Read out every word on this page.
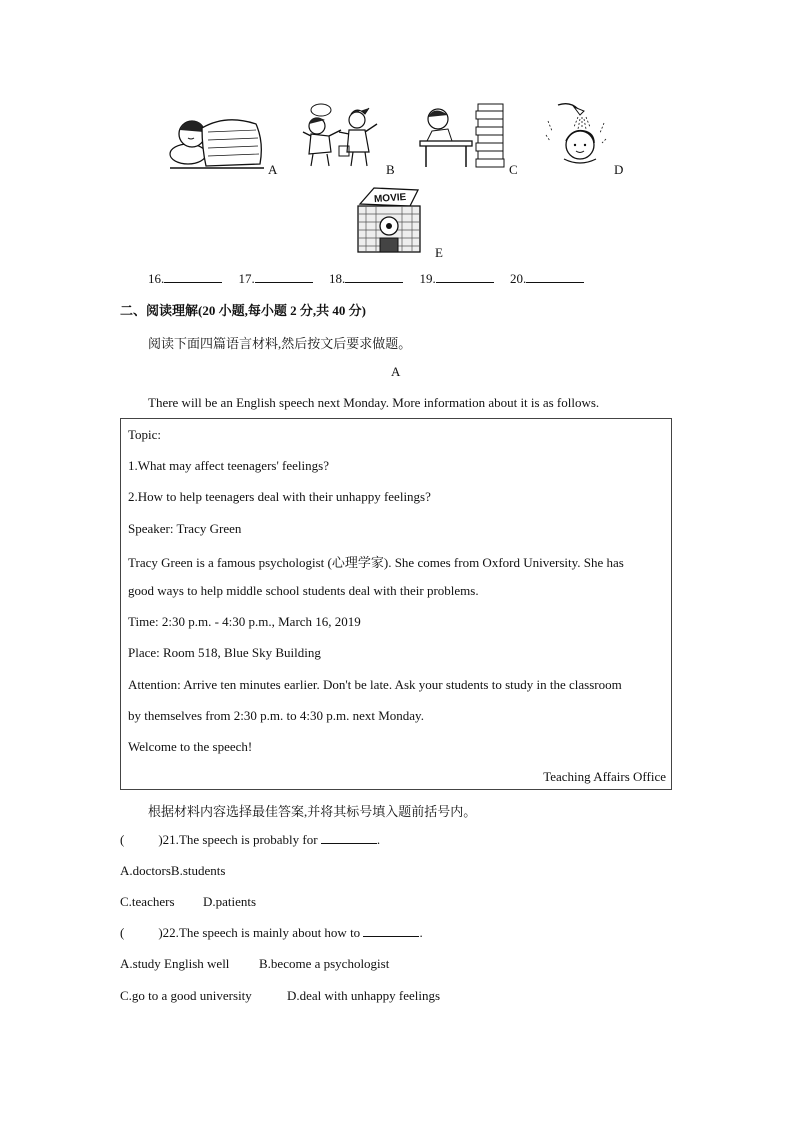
A	B	C	D
MOVIE
E
16.	17.	18.	19.	20.
二、阅读理解(20 小题,每小题 2 分,共 40 分)
阅读下面四篇语言材料,然后按文后要求做题。
A
There will be an English speech next Monday. More information about it is as follows.
Topic:
1.What may affect teenagers' feelings?
2.How to help teenagers deal with their unhappy feelings?
Speaker: Tracy Green
Tracy Green is a famous psychologist (心理学家). She comes from Oxford University. She has
good ways to help middle school students deal with their problems.
Time: 2:30 p.m. - 4:30 p.m., March 16, 2019
Place: Room 518, Blue Sky Building
Attention: Arrive ten minutes earlier. Don't be late. Ask your students to study in the classroom
by themselves from 2:30 p.m. to 4:30 p.m. next Monday.
Welcome to the speech!
Teaching Affairs Office
根据材料内容选择最佳答案,并将其标号填入题前括号内。
(	)21.The speech is probably for	.
A.doctorsB.students
C.teachers D.patients
(	)22.The speech is mainly about how to	.
A.study English well B.become a psychologist
C.go to a good university	D.deal with unhappy feelings
